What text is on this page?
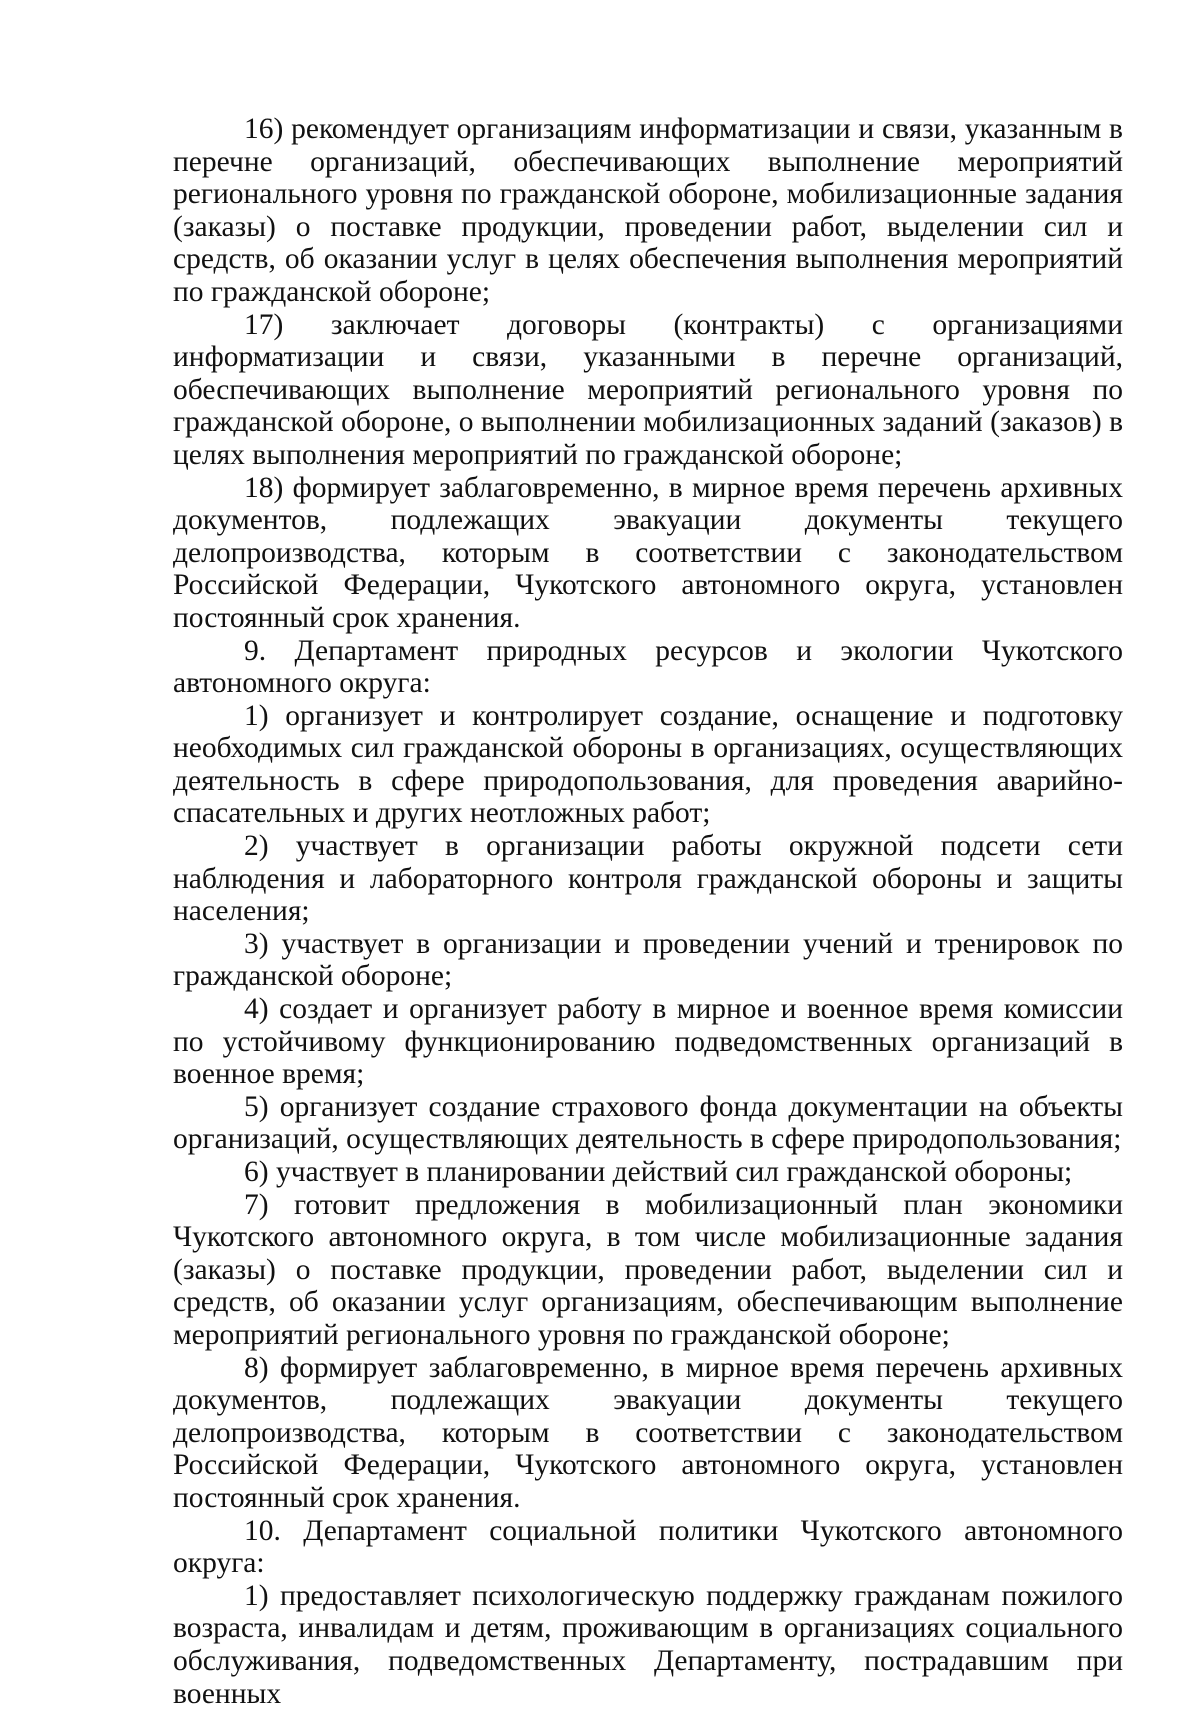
16) рекомендует организациям информатизации и связи, указанным в перечне организаций, обеспечивающих выполнение мероприятий регионального уровня по гражданской обороне, мобилизационные задания (заказы) о поставке продукции, проведении работ, выделении сил и средств, об оказании услуг в целях обеспечения выполнения мероприятий по гражданской обороне;

17) заключает договоры (контракты) с организациями информатизации и связи, указанными в перечне организаций, обеспечивающих выполнение мероприятий регионального уровня по гражданской обороне, о выполнении мобилизационных заданий (заказов) в целях выполнения мероприятий по гражданской обороне;

18) формирует заблаговременно, в мирное время перечень архивных документов, подлежащих эвакуации документы текущего делопроизводства, которым в соответствии с законодательством Российской Федерации, Чукотского автономного округа, установлен постоянный срок хранения.

9. Департамент природных ресурсов и экологии Чукотского автономного округа:

1) организует и контролирует создание, оснащение и подготовку необходимых сил гражданской обороны в организациях, осуществляющих деятельность в сфере природопользования, для проведения аварийно-спасательных и других неотложных работ;

2) участвует в организации работы окружной подсети сети наблюдения и лабораторного контроля гражданской обороны и защиты населения;

3) участвует в организации и проведении учений и тренировок по гражданской обороне;

4) создает и организует работу в мирное и военное время комиссии по устойчивому функционированию подведомственных организаций в военное время;

5) организует создание страхового фонда документации на объекты организаций, осуществляющих деятельность в сфере природопользования;

6) участвует в планировании действий сил гражданской обороны;

7) готовит предложения в мобилизационный план экономики Чукотского автономного округа, в том числе мобилизационные задания (заказы) о поставке продукции, проведении работ, выделении сил и средств, об оказании услуг организациям, обеспечивающим выполнение мероприятий регионального уровня по гражданской обороне;

8) формирует заблаговременно, в мирное время перечень архивных документов, подлежащих эвакуации документы текущего делопроизводства, которым в соответствии с законодательством Российской Федерации, Чукотского автономного округа, установлен постоянный срок хранения.

10. Департамент социальной политики Чукотского автономного округа:

1) предоставляет психологическую поддержку гражданам пожилого возраста, инвалидам и детям, проживающим в организациях социального обслуживания, подведомственных Департаменту, пострадавшим при военных
